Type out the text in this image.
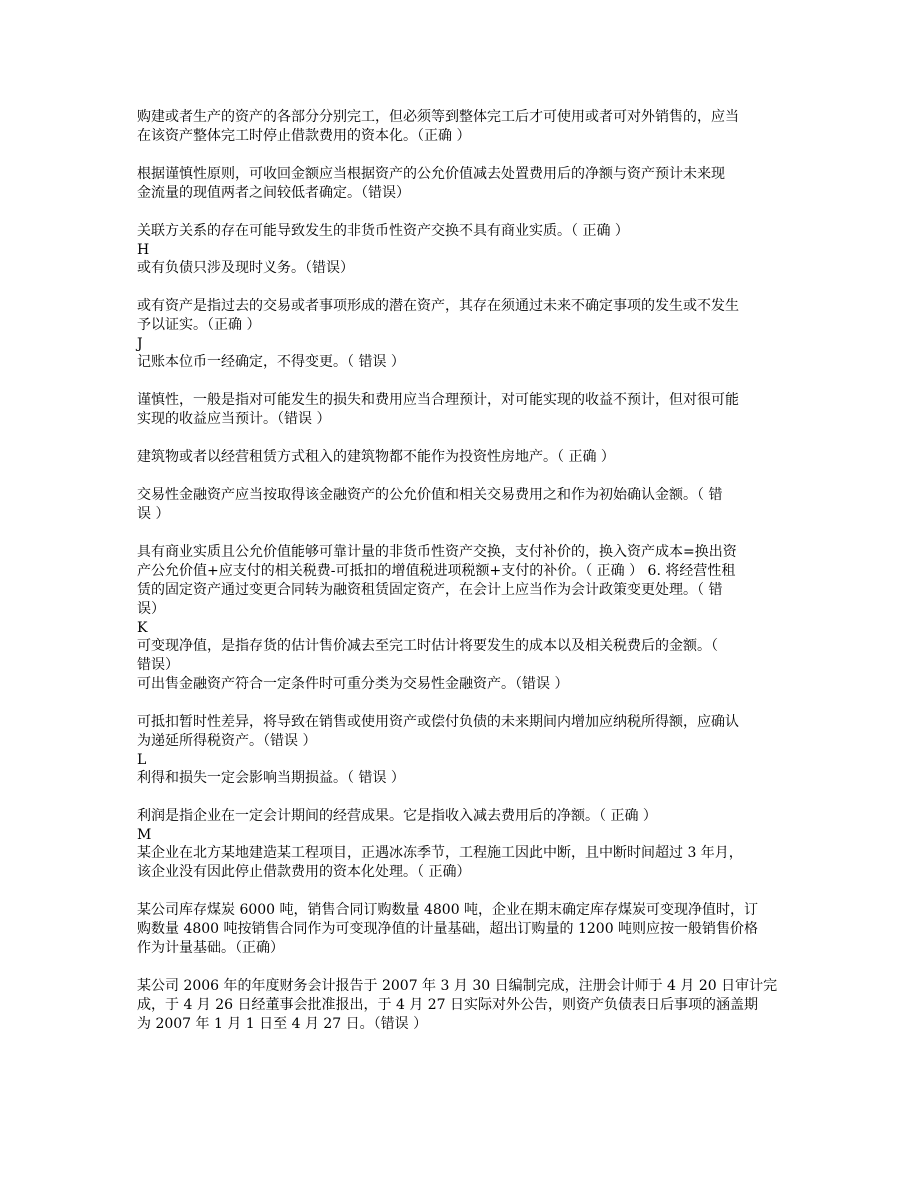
购建或者生产的资产的各部分分别完工，但必须等到整体完工后才可使用或者可对外销售的，应当
在该资产整体完工时停止借款费用的资本化。（正确 ）
根据谨慎性原则，可收回金额应当根据资产的公允价值减去处置费用后的净额与资产预计未来现
金流量的现值两者之间较低者确定。（错误）
关联方关系的存在可能导致发生的非货币性资产交换不具有商业实质。（ 正确 ）
H
或有负债只涉及现时义务。（错误）
或有资产是指过去的交易或者事项形成的潜在资产，其存在须通过未来不确定事项的发生或不发生
予以证实。（正确 ）
J
记账本位币一经确定，不得变更。（ 错误 ）
谨慎性，一般是指对可能发生的损失和费用应当合理预计，对可能实现的收益不预计，但对很可能
实现的收益应当预计。（错误 ）
建筑物或者以经营租赁方式租入的建筑物都不能作为投资性房地产。（ 正确 ）
交易性金融资产应当按取得该金融资产的公允价值和相关交易费用之和作为初始确认金额。（ 错
误 ）
具有商业实质且公允价值能够可靠计量的非货币性资产交换，支付补价的，换入资产成本=换出资
产公允价值+应支付的相关税费-可抵扣的增值税进项税额+支付的补价。（ 正确 ） 6. 将经营性租
赁的固定资产通过变更合同转为融资租赁固定资产，在会计上应当作为会计政策变更处理。（ 错
误）
K
可变现净值，是指存货的估计售价减去至完工时估计将要发生的成本以及相关税费后的金额。（
错误）
可出售金融资产符合一定条件时可重分类为交易性金融资产。（错误 ）
可抵扣暂时性差异，将导致在销售或使用资产或偿付负债的未来期间内增加应纳税所得额，应确认
为递延所得税资产。（错误 ）
L
利得和损失一定会影响当期损益。（ 错误 ）
利润是指企业在一定会计期间的经营成果。它是指收入减去费用后的净额。（ 正确 ）
M
某企业在北方某地建造某工程项目，正遇冰冻季节，工程施工因此中断，且中断时间超过 3 年月，
该企业没有因此停止借款费用的资本化处理。（ 正确）
某公司库存煤炭 6000 吨，销售合同订购数量 4800 吨，企业在期末确定库存煤炭可变现净值时，订
购数量 4800 吨按销售合同作为可变现净值的计量基础，超出订购量的 1200 吨则应按一般销售价格
作为计量基础。（正确）
某公司 2006 年的年度财务会计报告于 2007 年 3 月 30 日编制完成，注册会计师于 4 月 20 日审计完
成，于 4 月 26 日经董事会批准报出，于 4 月 27 日实际对外公告，则资产负债表日后事项的涵盖期
为 2007 年 1 月 1 日至 4 月 27 日。（错误 ）
